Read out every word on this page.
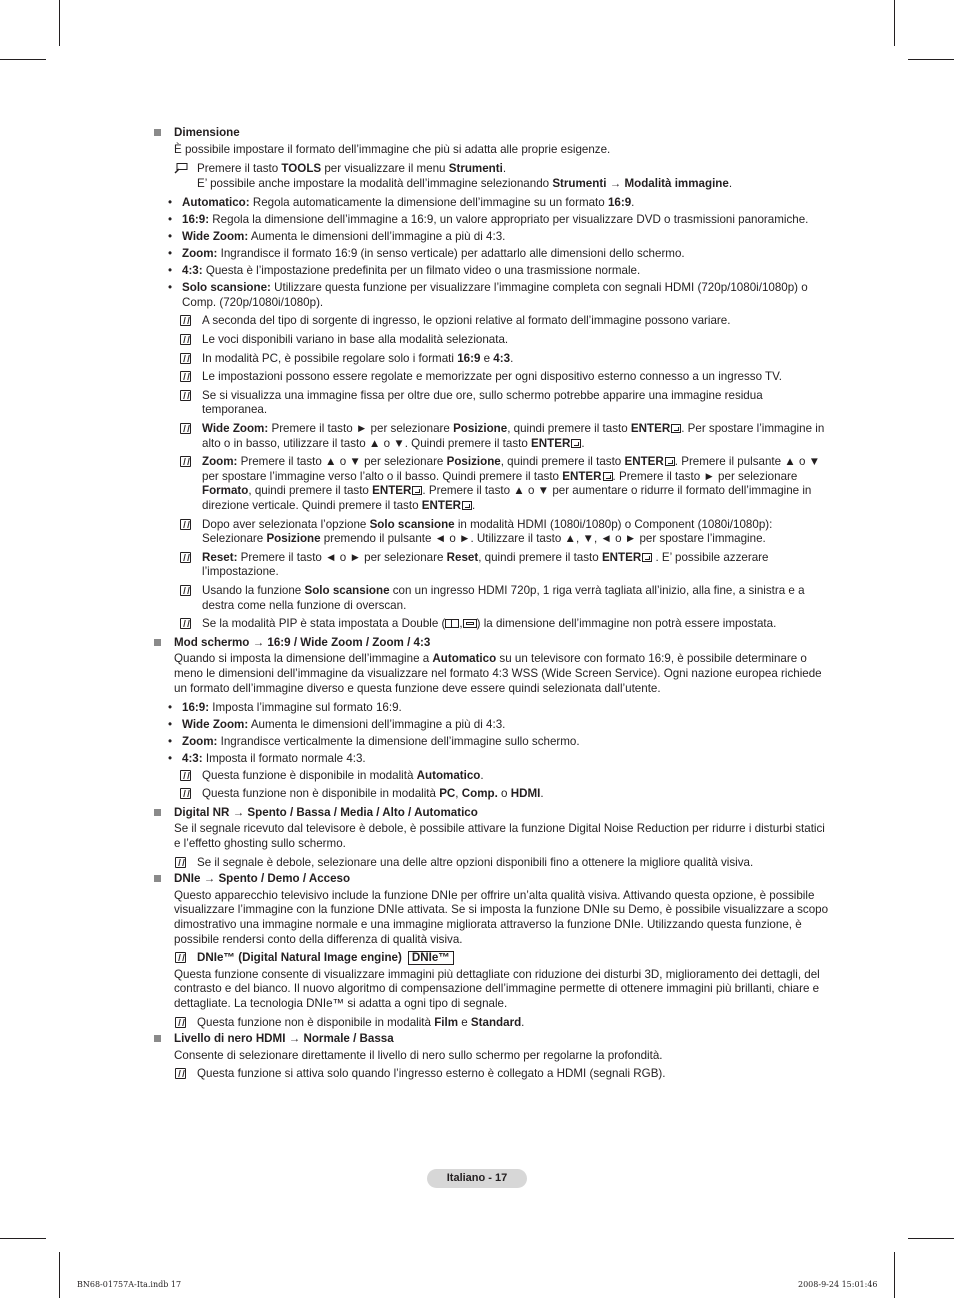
Dimensione
È possibile impostare il formato dell’immagine che più si adatta alle proprie esigenze.
Premere il tasto TOOLS per visualizzare il menu Strumenti.
E’ possibile anche impostare la modalità dell’immagine selezionando Strumenti → Modalità immagine.
• Automatico: Regola automaticamente la dimensione dell’immagine su un formato 16:9.
• 16:9: Regola la dimensione dell’immagine a 16:9, un valore appropriato per visualizzare DVD o trasmissioni panoramiche.
• Wide Zoom: Aumenta le dimensioni dell’immagine a più di 4:3.
• Zoom: Ingrandisce il formato 16:9 (in senso verticale) per adattarlo alle dimensioni dello schermo.
• 4:3: Questa è l’impostazione predefinita per un filmato video o una trasmissione normale.
• Solo scansione: Utilizzare questa funzione per visualizzare l’immagine completa con segnali HDMI (720p/1080i/1080p) o Comp. (720p/1080i/1080p).
A seconda del tipo di sorgente di ingresso, le opzioni relative al formato dell’immagine possono variare.
Le voci disponibili variano in base alla modalità selezionata.
In modalità PC, è possibile regolare solo i formati 16:9 e 4:3.
Le impostazioni possono essere regolate e memorizzate per ogni dispositivo esterno connesso a un ingresso TV.
Se si visualizza una immagine fissa per oltre due ore, sullo schermo potrebbe apparire una immagine residua temporanea.
Wide Zoom: Premere il tasto ► per selezionare Posizione, quindi premere il tasto ENTER . Per spostare l’immagine in alto o in basso, utilizzare il tasto ▲ o ▼. Quindi premere il tasto ENTER .
Zoom: Premere il tasto ▲ o ▼ per selezionare Posizione, quindi premere il tasto ENTER . Premere il pulsante ▲ o ▼ per spostare l’immagine verso l’alto o il basso. Quindi premere il tasto ENTER . Premere il tasto ► per selezionare Formato, quindi premere il tasto ENTER . Premere il tasto ▲ o ▼ per aumentare o ridurre il formato dell’immagine in direzione verticale. Quindi premere il tasto ENTER .
Dopo aver selezionata l’opzione Solo scansione in modalità HDMI (1080i/1080p) o Component (1080i/1080p): Selezionare Posizione premendo il pulsante ◄ o ►. Utilizzare il tasto ▲, ▼, ◄ o ► per spostare l’immagine.
Reset: Premere il tasto ◄ o ► per selezionare Reset, quindi premere il tasto ENTER . E’ possibile azzerare l’impostazione.
Usando la funzione Solo scansione con un ingresso HDMI 720p, 1 riga verrà tagliata all’inizio, alla fine, a sinistra e a destra come nella funzione di overscan.
Se la modalità PIP è stata impostata a Double ( , ) la dimensione dell’immagine non potrà essere impostata.
Mod schermo → 16:9 / Wide Zoom / Zoom / 4:3
Quando si imposta la dimensione dell’immagine a Automatico su un televisore con formato 16:9, è possibile determinare o meno le dimensioni dell’immagine da visualizzare nel formato 4:3 WSS (Wide Screen Service). Ogni nazione europea richiede un formato dell’immagine diverso e questa funzione deve essere quindi selezionata dall’utente.
• 16:9: Imposta l’immagine sul formato 16:9.
• Wide Zoom: Aumenta le dimensioni dell’immagine a più di 4:3.
• Zoom: Ingrandisce verticalmente la dimensione dell’immagine sullo schermo.
• 4:3: Imposta il formato normale 4:3.
Questa funzione è disponibile in modalità Automatico.
Questa funzione non è disponibile in modalità PC, Comp. o HDMI.
Digital NR → Spento / Bassa / Media / Alto / Automatico
Se il segnale ricevuto dal televisore è debole, è possibile attivare la funzione Digital Noise Reduction per ridurre i disturbi statici e l’effetto ghosting sullo schermo.
Se il segnale è debole, selezionare una delle altre opzioni disponibili fino a ottenere la migliore qualità visiva.
DNIe → Spento / Demo / Acceso
Questo apparecchio televisivo include la funzione DNIe per offrire un’alta qualità visiva. Attivando questa opzione, è possibile visualizzare l’immagine con la funzione DNIe attivata. Se si imposta la funzione DNIe su Demo, è possibile visualizzare a scopo dimostrativo una immagine normale e una immagine migliorata attraverso la funzione DNIe. Utilizzando questa funzione, è possibile rendersi conto della differenza di qualità visiva.
DNIe™ (Digital Natural Image engine) DNIe™
Questa funzione consente di visualizzare immagini più dettagliate con riduzione dei disturbi 3D, miglioramento dei dettagli, del contrasto e del bianco. Il nuovo algoritmo di compensazione dell’immagine permette di ottenere immagini più brillanti, chiare e dettagliate. La tecnologia DNIe™ si adatta a ogni tipo di segnale.
Questa funzione non è disponibile in modalità Film e Standard.
Livello di nero HDMI → Normale / Bassa
Consente di selezionare direttamente il livello di nero sullo schermo per regolarne la profondità.
Questa funzione si attiva solo quando l’ingresso esterno è collegato a HDMI (segnali RGB).
Italiano - 17
BN68-01757A-Ita.indb 17	2008-9-24 15:01:46
